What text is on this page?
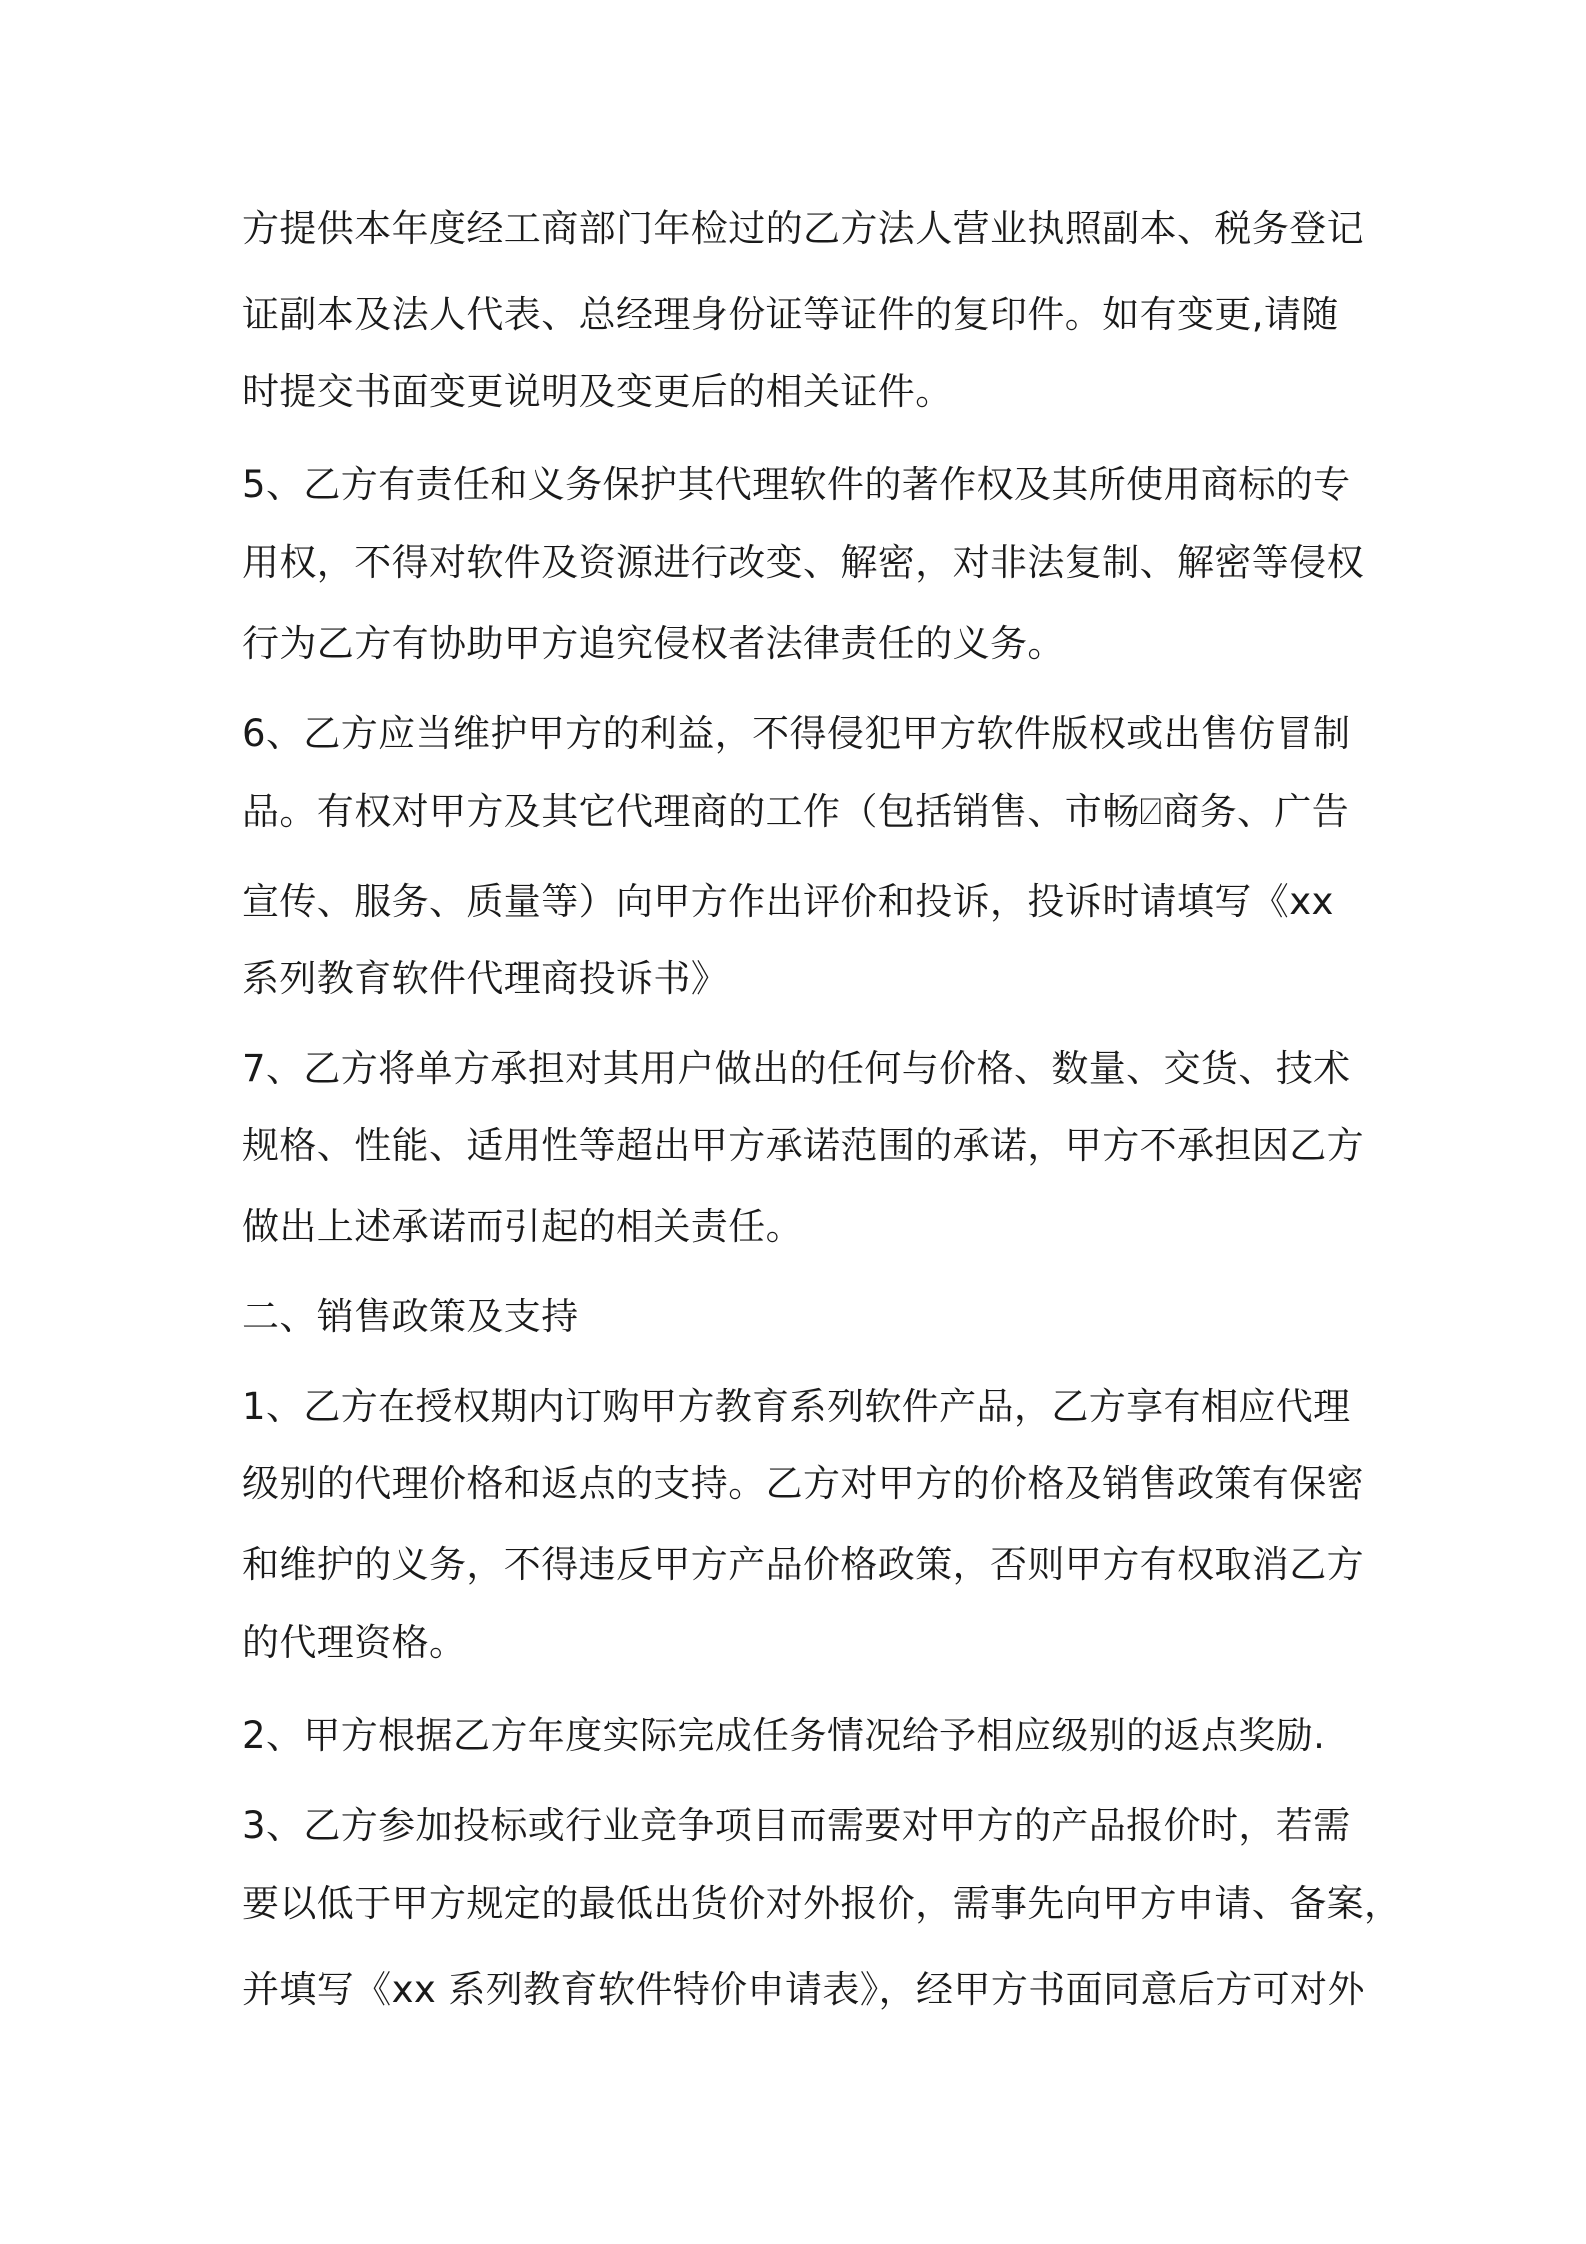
方提供本年度经工商部门年检过的乙方法人营业执照副本、税务登记
证副本及法人代表、总经理身份证等证件的复印件。如有变更,请随
时提交书面变更说明及变更后的相关证件。
5、乙方有责任和义务保护其代理软件的著作权及其所使用商标的专
用权，不得对软件及资源进行改变、解密，对非法复制、解密等侵权
行为乙方有协助甲方追究侵权者法律责任的义务。
6、乙方应当维护甲方的利益，不得侵犯甲方软件版权或出售仿冒制
品。有权对甲方及其它代理商的工作（包括销售、市畅⍁商务、广告
宣传、服务、质量等）向甲方作出评价和投诉，投诉时请填写《xx
系列教育软件代理商投诉书》
7、乙方将单方承担对其用户做出的任何与价格、数量、交货、技术
规格、性能、适用性等超出甲方承诺范围的承诺，甲方不承担因乙方
做出上述承诺而引起的相关责任。
二、销售政策及支持
1、乙方在授权期内订购甲方教育系列软件产品，乙方享有相应代理
级别的代理价格和返点的支持。乙方对甲方的价格及销售政策有保密
和维护的义务，不得违反甲方产品价格政策，否则甲方有权取消乙方
的代理资格。
2、甲方根据乙方年度实际完成任务情况给予相应级别的返点奖励.
3、乙方参加投标或行业竞争项目而需要对甲方的产品报价时，若需
要以低于甲方规定的最低出货价对外报价，需事先向甲方申请、备案，
并填写《xx 系列教育软件特价申请表》，经甲方书面同意后方可对外
